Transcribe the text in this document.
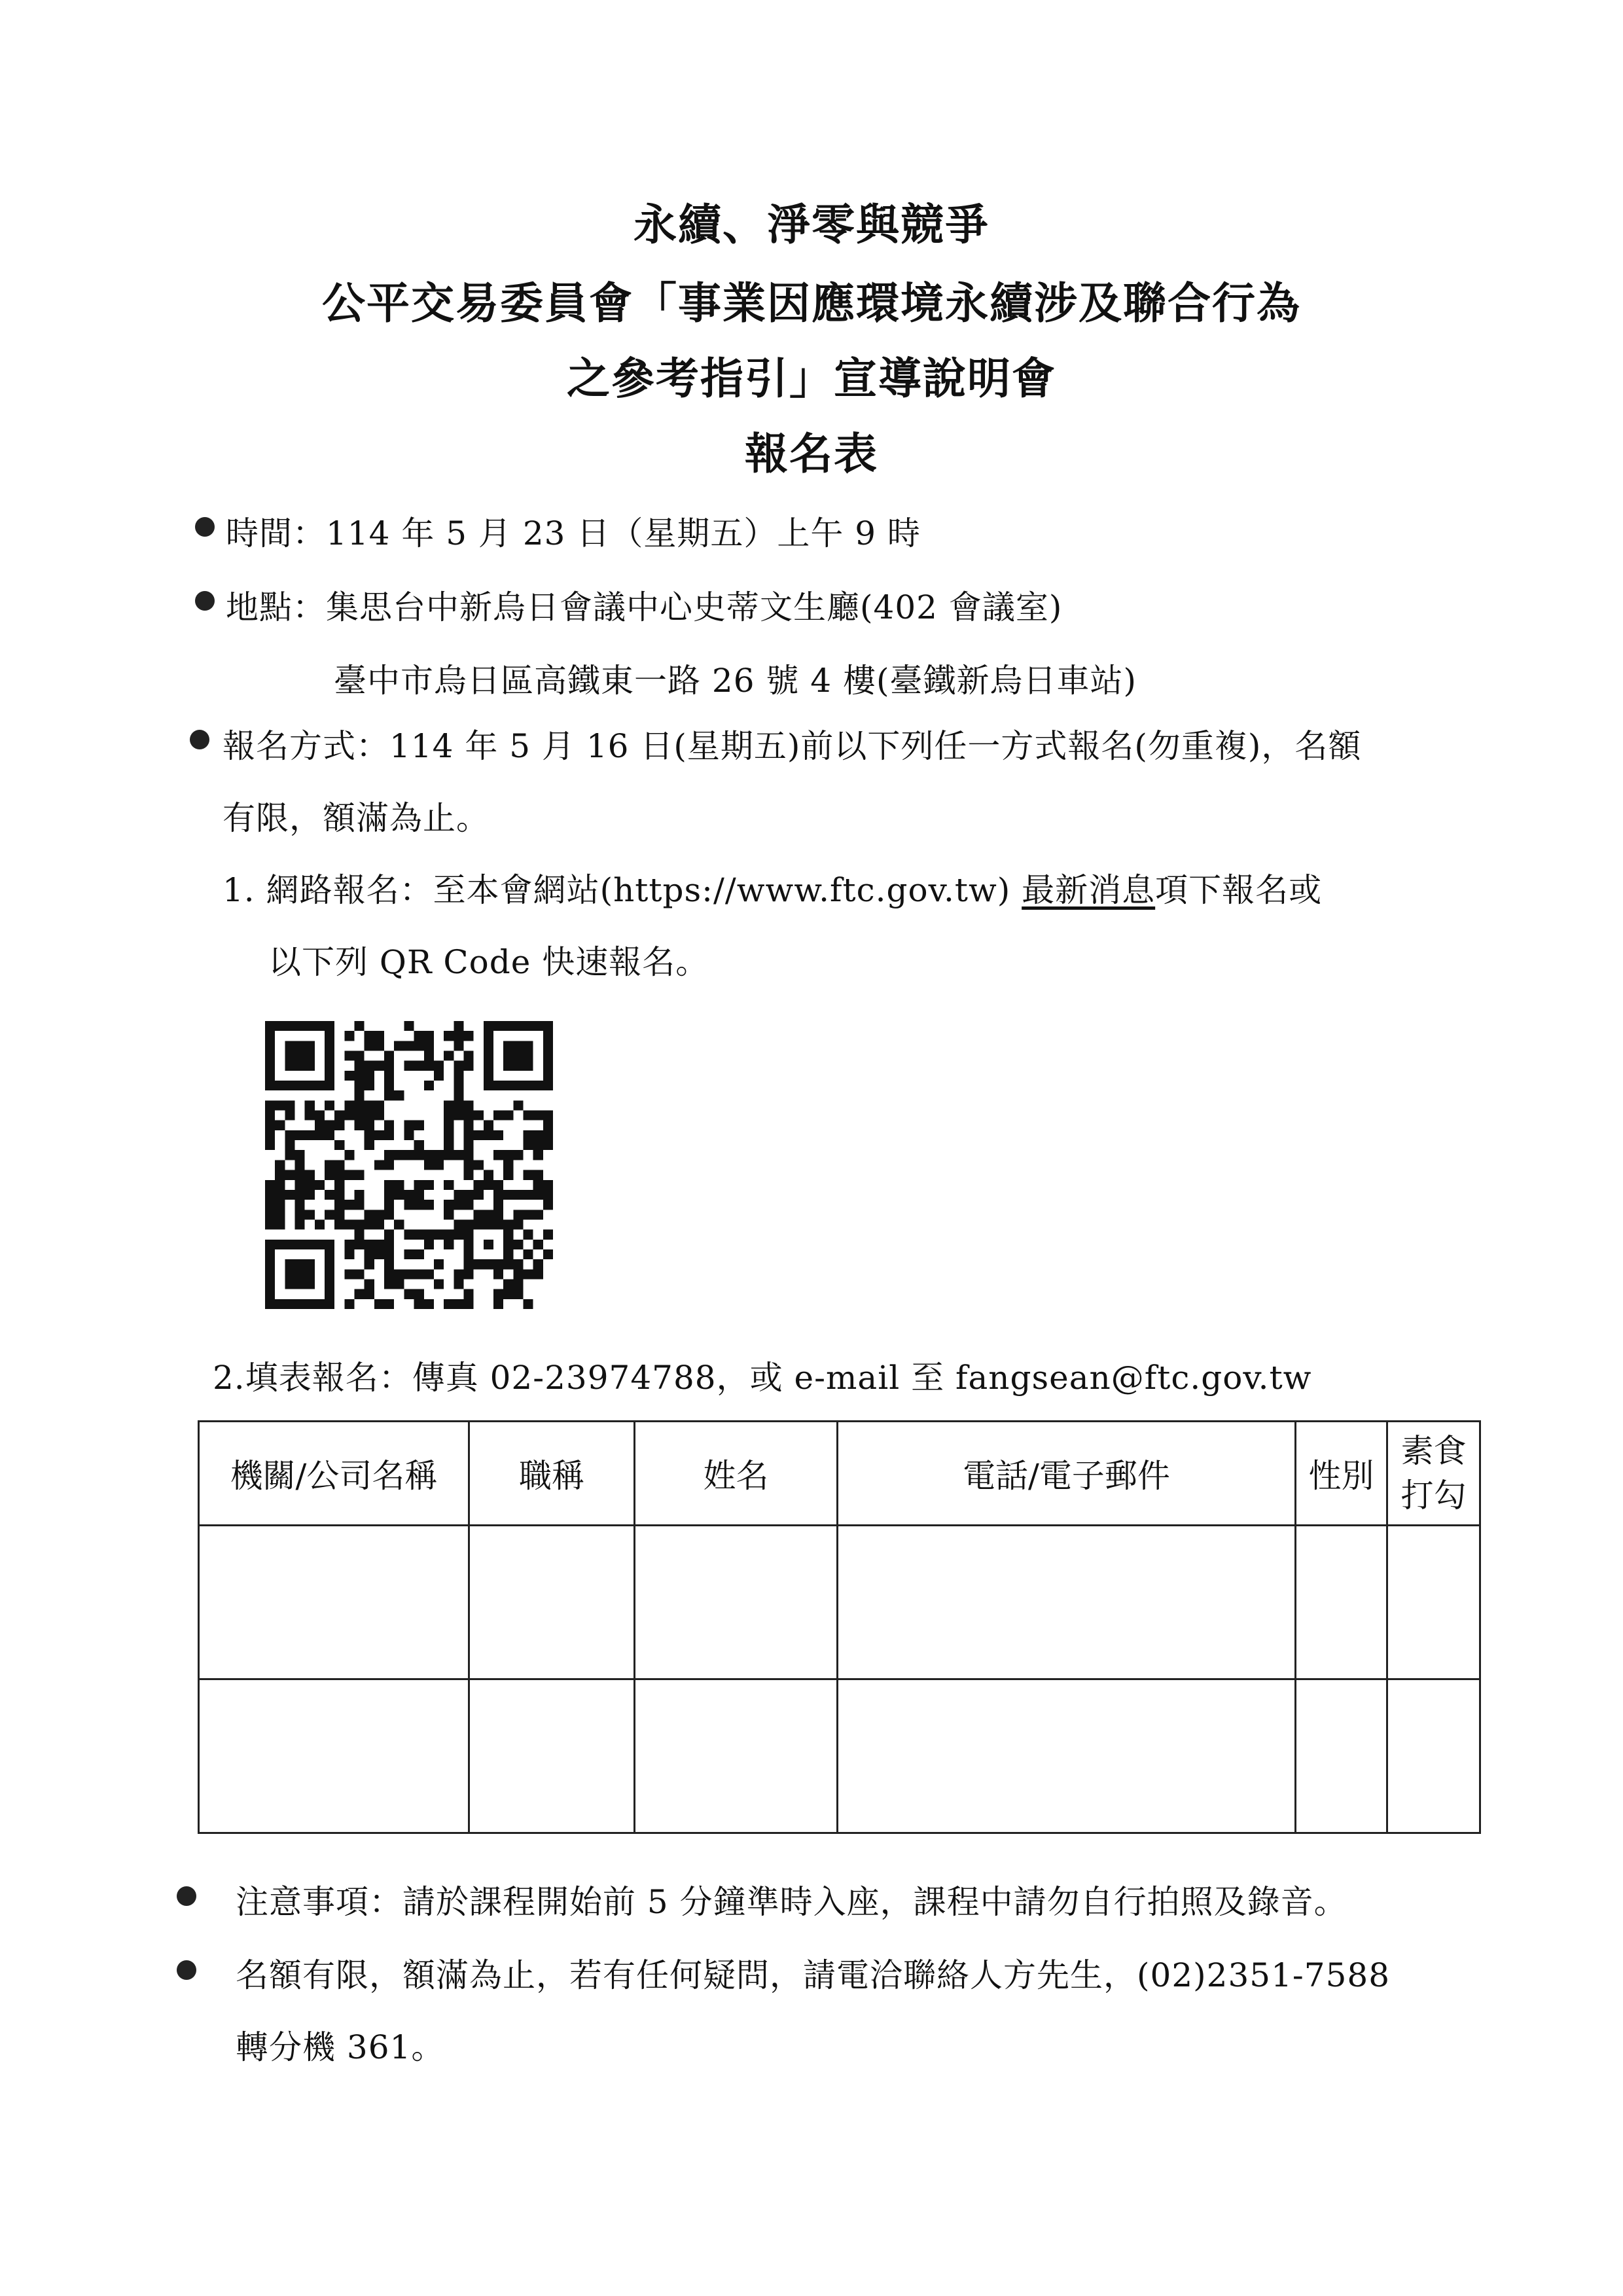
永續、淨零與競爭
公平交易委員會「事業因應環境永續涉及聯合行為
之參考指引」宣導說明會
報名表
時間：114 年 5 月 23 日（星期五）上午 9 時
地點：集思台中新烏日會議中心史蒂文生廳(402 會議室)
臺中市烏日區高鐵東一路 26 號 4 樓(臺鐵新烏日車站)
報名方式：114 年 5 月 16 日(星期五)前以下列任一方式報名(勿重複)，名額
有限，額滿為止。
1. 網路報名：至本會網站(https://www.ftc.gov.tw) 最新消息項下報名或
以下列 QR Code 快速報名。
2.填表報名：傳真 02-23974788，或 e-mail 至 fangsean@ftc.gov.tw
機關/公司名稱	職稱	姓名	電話/電子郵件	性別	素食
打勾

注意事項：請於課程開始前 5 分鐘準時入座，課程中請勿自行拍照及錄音。
名額有限，額滿為止，若有任何疑問，請電洽聯絡人方先生，(02)2351-7588
轉分機 361。
